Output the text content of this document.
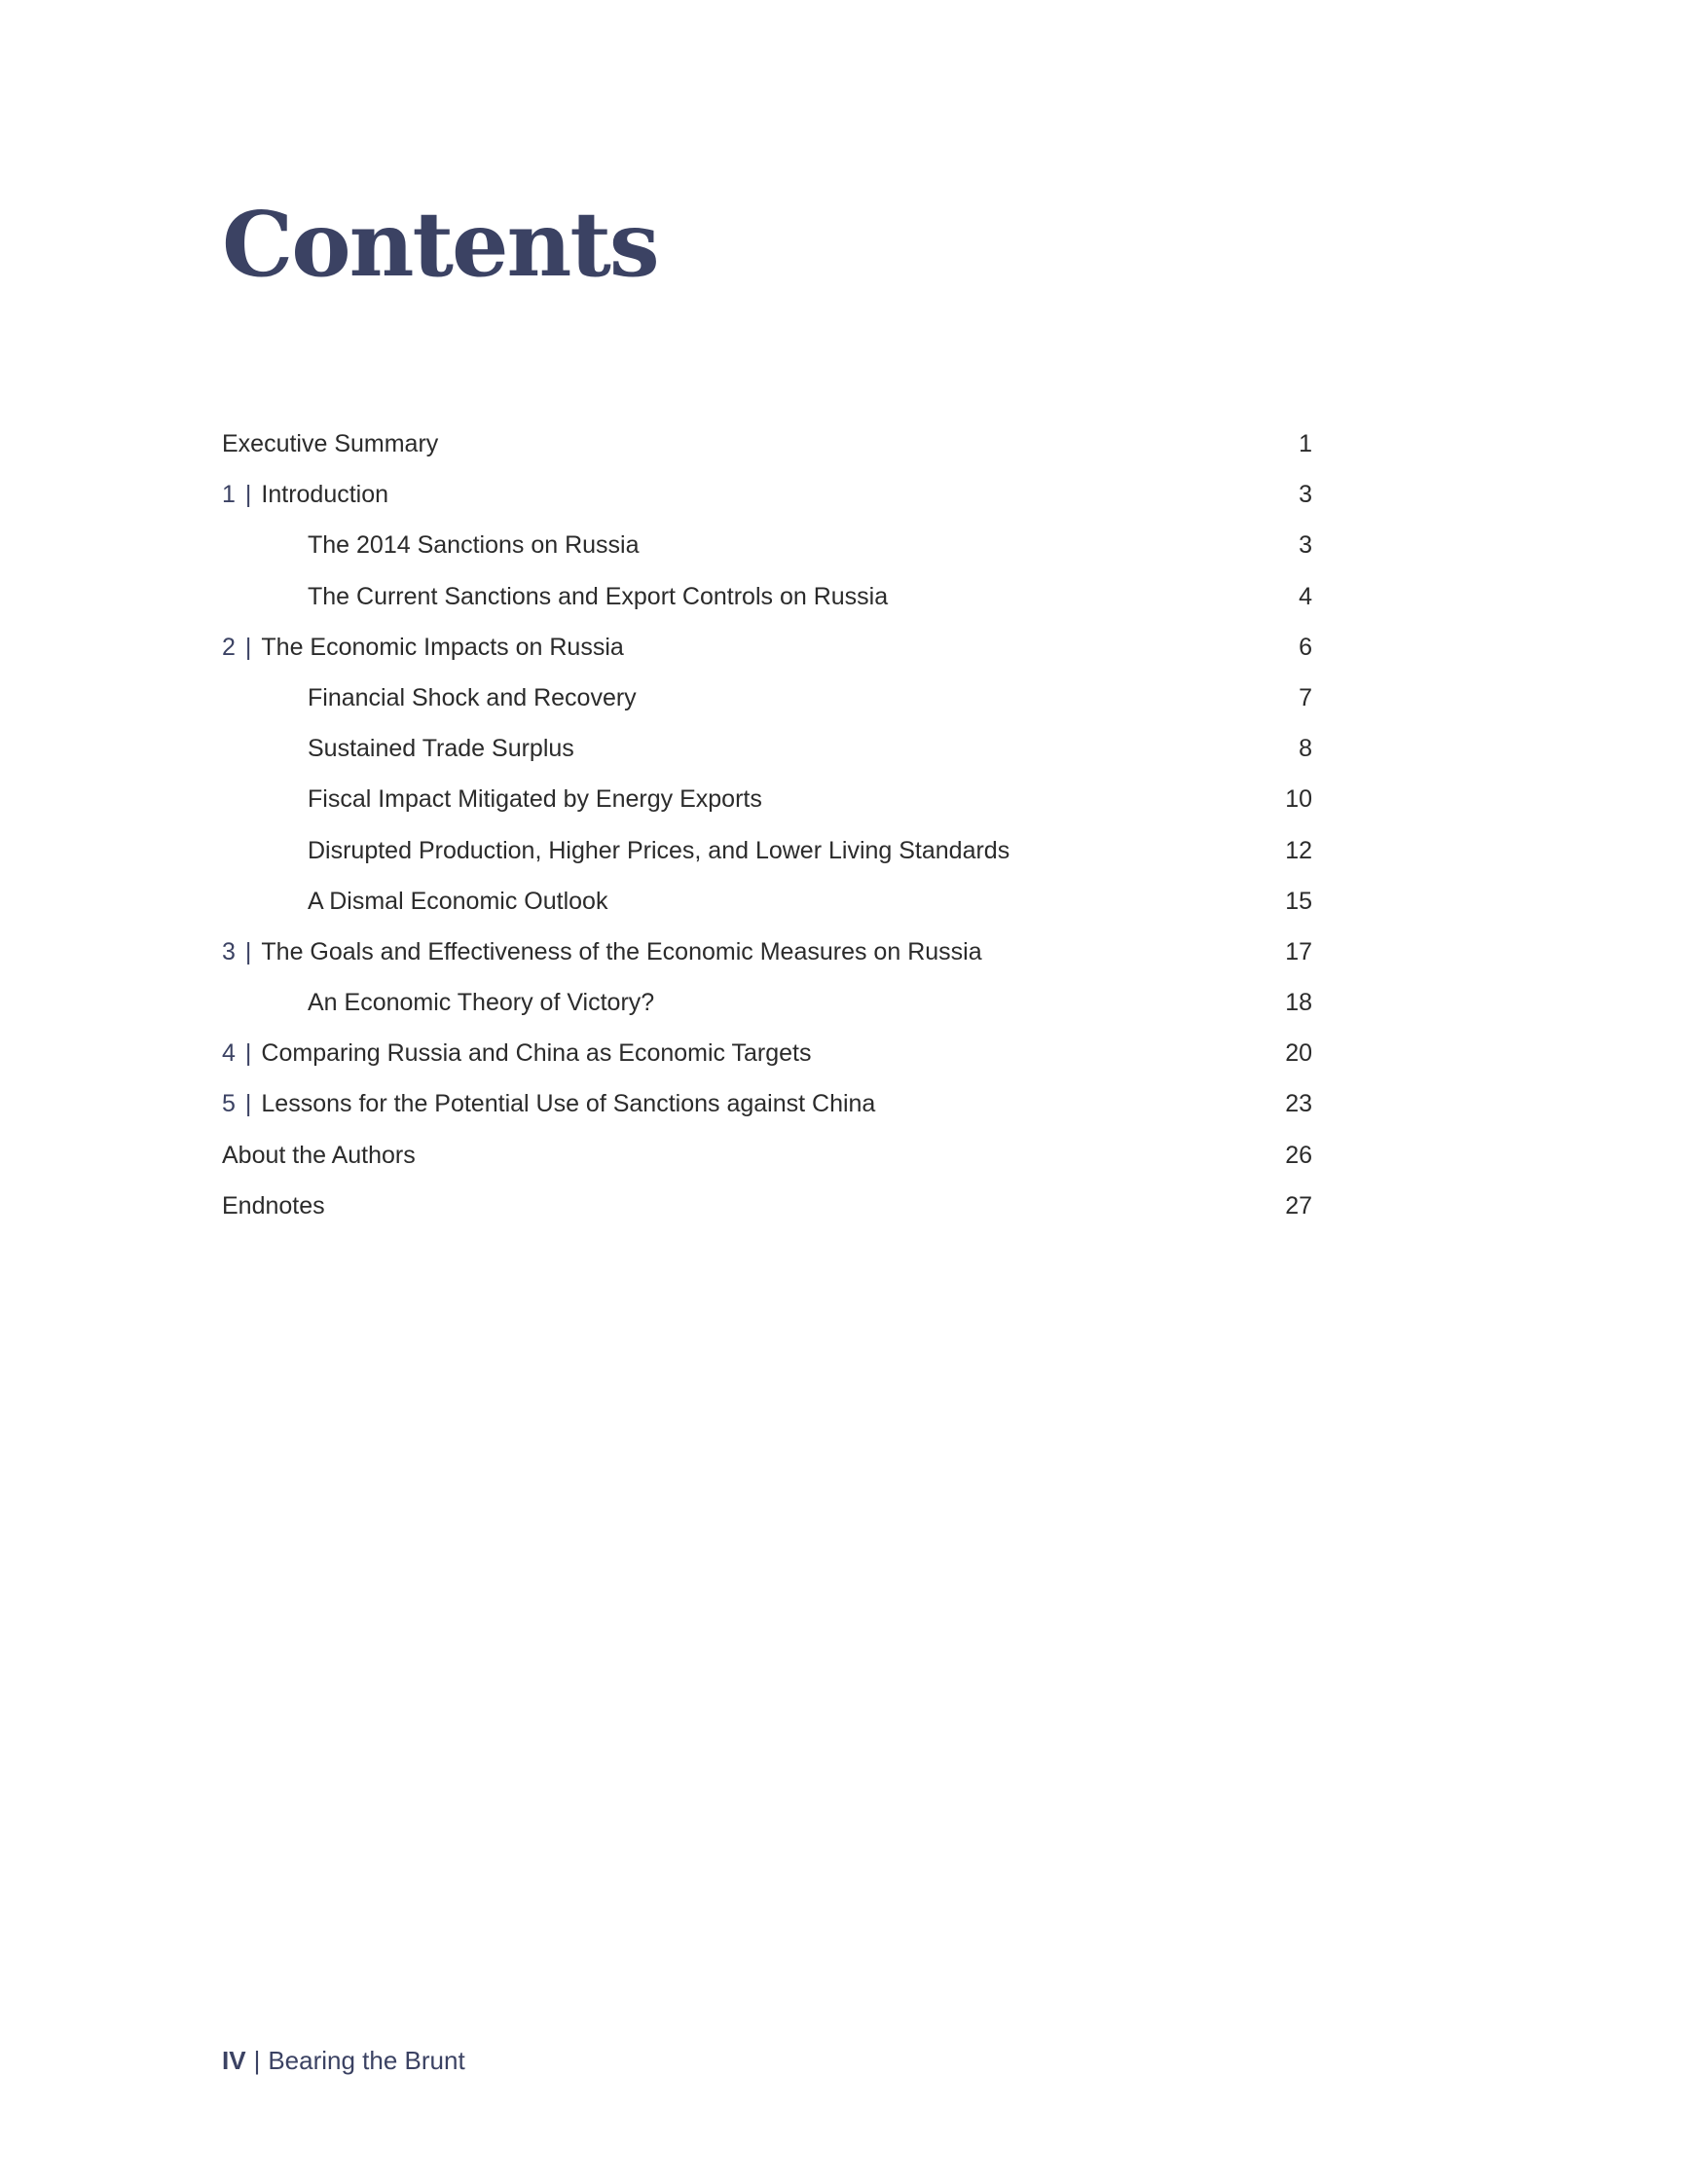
Contents
Executive Summary	1
1 | Introduction	3
The 2014 Sanctions on Russia	3
The Current Sanctions and Export Controls on Russia	4
2 | The Economic Impacts on Russia	6
Financial Shock and Recovery	7
Sustained Trade Surplus	8
Fiscal Impact Mitigated by Energy Exports	10
Disrupted Production, Higher Prices, and Lower Living Standards	12
A Dismal Economic Outlook	15
3 | The Goals and Effectiveness of the Economic Measures on Russia	17
An Economic Theory of Victory?	18
4 | Comparing Russia and China as Economic Targets	20
5 | Lessons for the Potential Use of Sanctions against China	23
About the Authors	26
Endnotes	27
IV | Bearing the Brunt
